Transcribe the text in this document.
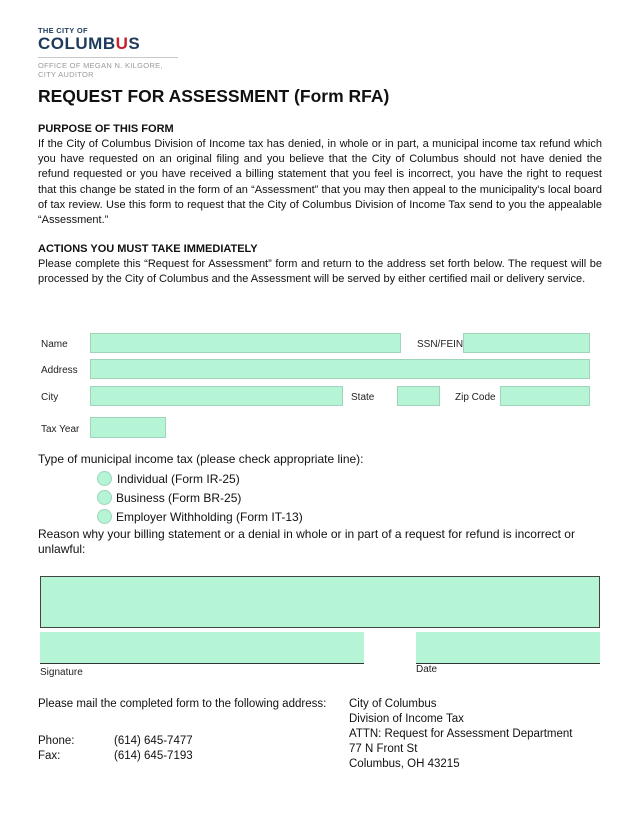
THE CITY OF
COLUMBUS
OFFICE OF MEGAN N. KILGORE,
CITY AUDITOR
REQUEST FOR ASSESSMENT (Form RFA)
PURPOSE OF THIS FORM
If the City of Columbus Division of Income tax has denied, in whole or in part, a municipal income tax refund which you have requested on an original filing and you believe that the City of Columbus should not have denied the refund requested or you have received a billing statement that you feel is incorrect, you have the right to request that this change be stated in the form of an “Assessment” that you may then appeal to the municipality's local board of tax review. Use this form to request that the City of Columbus Division of Income Tax send to you the appealable “Assessment.”
ACTIONS YOU MUST TAKE IMMEDIATELY
Please complete this “Request for Assessment” form and return to the address set forth below. The request will be processed by the City of Columbus and the Assessment will be served by either certified mail or delivery service.
Name	SSN/FEIN
Address
City	State	Zip Code
Tax Year
Type of municipal income tax (please check appropriate line):
Individual (Form IR-25)
Business (Form BR-25)
Employer Withholding (Form IT-13)
Reason why your billing statement or a denial in whole or in part of a request for refund is incorrect or
unlawful:
Signature	Date
Please mail the completed form to the following address:
Phone:	(614) 645-7477
Fax:	(614) 645-7193
City of Columbus
Division of Income Tax
ATTN: Request for Assessment Department
77 N Front St
Columbus, OH 43215
